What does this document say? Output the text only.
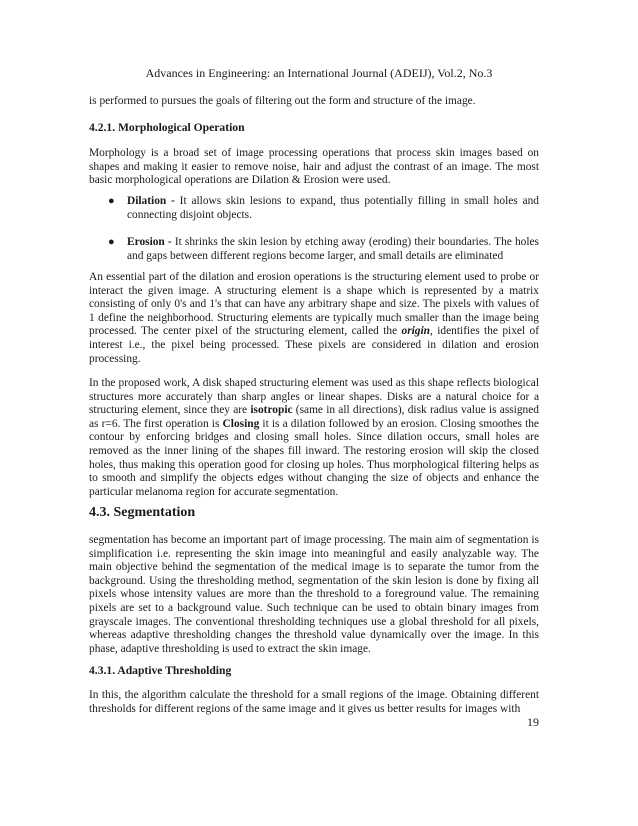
Advances in Engineering: an International Journal (ADEIJ), Vol.2, No.3

is performed to pursues the goals of filtering out the form and structure of the image.

4.2.1. Morphological Operation

Morphology is a broad set of image processing operations that process skin images based on shapes and making it easier to remove noise, hair and adjust the contrast of an image. The most basic morphological operations are Dilation & Erosion were used.

● Dilation - It allows skin lesions to expand, thus potentially filling in small holes and connecting disjoint objects.

● Erosion - It shrinks the skin lesion by etching away (eroding) their boundaries. The holes and gaps between different regions become larger, and small details are eliminated

An essential part of the dilation and erosion operations is the structuring element used to probe or interact the given image. A structuring element is a shape which is represented by a matrix consisting of only 0's and 1's that can have any arbitrary shape and size. The pixels with values of 1 define the neighborhood. Structuring elements are typically much smaller than the image being processed. The center pixel of the structuring element, called the origin, identifies the pixel of interest i.e., the pixel being processed. These pixels are considered in dilation and erosion processing.

In the proposed work, A disk shaped structuring element was used as this shape reflects biological structures more accurately than sharp angles or linear shapes. Disks are a natural choice for a structuring element, since they are isotropic (same in all directions), disk radius value is assigned as r=6. The first operation is Closing it is a dilation followed by an erosion. Closing smoothes the contour by enforcing bridges and closing small holes. Since dilation occurs, small holes are removed as the inner lining of the shapes fill inward. The restoring erosion will skip the closed holes, thus making this operation good for closing up holes. Thus morphological filtering helps as to smooth and simplify the objects edges without changing the size of objects and enhance the particular melanoma region for accurate segmentation.

4.3. Segmentation

segmentation has become an important part of image processing. The main aim of segmentation is simplification i.e. representing the skin image into meaningful and easily analyzable way. The main objective behind the segmentation of the medical image is to separate the tumor from the background. Using the thresholding method, segmentation of the skin lesion is done by fixing all pixels whose intensity values are more than the threshold to a foreground value. The remaining pixels are set to a background value. Such technique can be used to obtain binary images from grayscale images. The conventional thresholding techniques use a global threshold for all pixels, whereas adaptive thresholding changes the threshold value dynamically over the image. In this phase, adaptive thresholding is used to extract the skin image.

4.3.1. Adaptive Thresholding

In this, the algorithm calculate the threshold for a small regions of the image. Obtaining different thresholds for different regions of the same image and it gives us better results for images with

19
